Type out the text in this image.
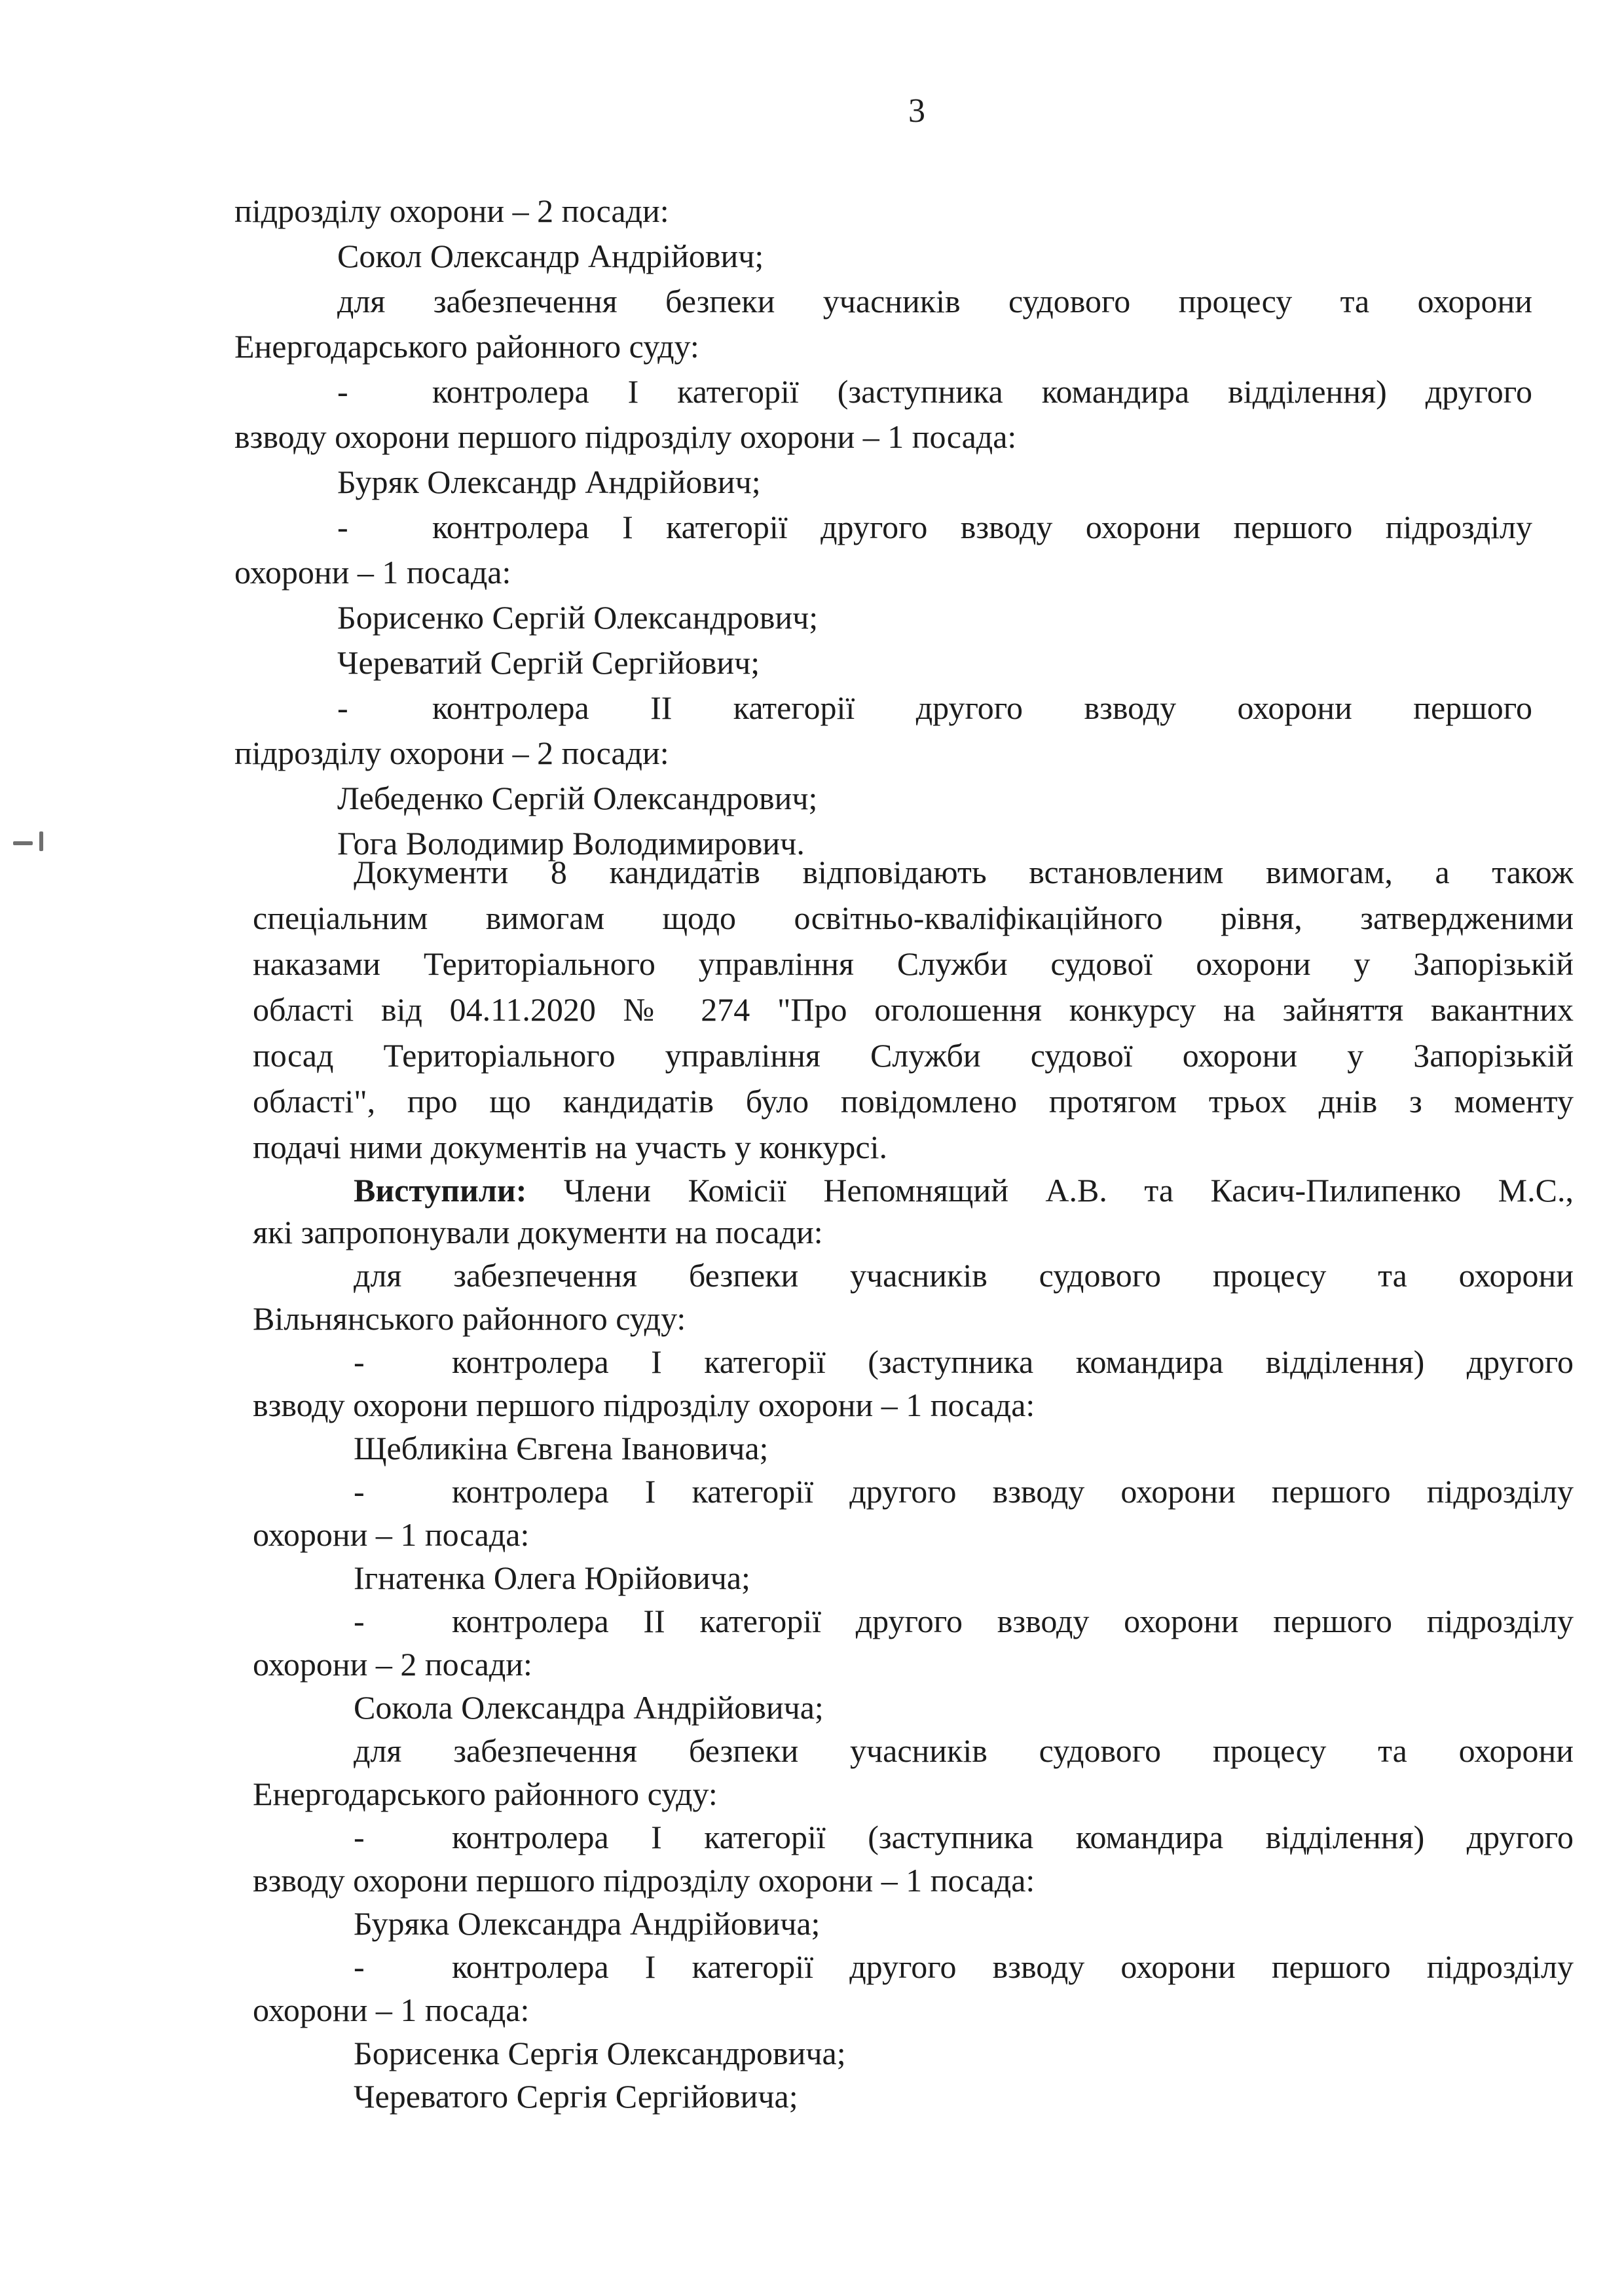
3
підрозділу охорони – 2 посади:
Сокол Олександр Андрійович;
для забезпечення безпеки учасників судового процесу та охорони
Енергодарського районного суду:
-	контролера I категорії (заступника командира відділення) другого
взводу охорони першого підрозділу охорони – 1 посада:
Буряк Олександр Андрійович;
-	контролера I категорії другого взводу охорони першого підрозділу
охорони – 1 посада:
Борисенко Сергій Олександрович;
Череватий Сергій Сергійович;
-	контролера II категорії другого взводу охорони першого
підрозділу охорони – 2 посади:
Лебеденко Сергій Олександрович;
Гога Володимир Володимирович.
Документи 8 кандидатів відповідають встановленим вимогам, а також
спеціальним вимогам щодо освітньо-кваліфікаційного рівня, затвердженими
наказами Територіального управління Служби судової охорони у Запорізькій
області від 04.11.2020 № 274 "Про оголошення конкурсу на зайняття вакантних
посад Територіального управління Служби судової охорони у Запорізькій
області", про що кандидатів було повідомлено протягом трьох днів з моменту
подачі ними документів на участь у конкурсі.
Виступили: Члени Комісії Непомнящий А.В. та Касич-Пилипенко М.С.,
які запропонували документи на посади:
для забезпечення безпеки учасників судового процесу та охорони
Вільнянського районного суду:
-	контролера I категорії (заступника командира відділення) другого
взводу охорони першого підрозділу охорони – 1 посада:
Щебликіна Євгена Івановича;
-	контролера I категорії другого взводу охорони першого підрозділу
охорони – 1 посада:
Ігнатенка Олега Юрійовича;
-	контролера II категорії другого взводу охорони першого підрозділу
охорони – 2 посади:
Сокола Олександра Андрійовича;
для забезпечення безпеки учасників судового процесу та охорони
Енергодарського районного суду:
-	контролера I категорії (заступника командира відділення) другого
взводу охорони першого підрозділу охорони – 1 посада:
Буряка Олександра Андрійовича;
-	контролера I категорії другого взводу охорони першого підрозділу
охорони – 1 посада:
Борисенка Сергія Олександровича;
Череватого Сергія Сергійовича;
